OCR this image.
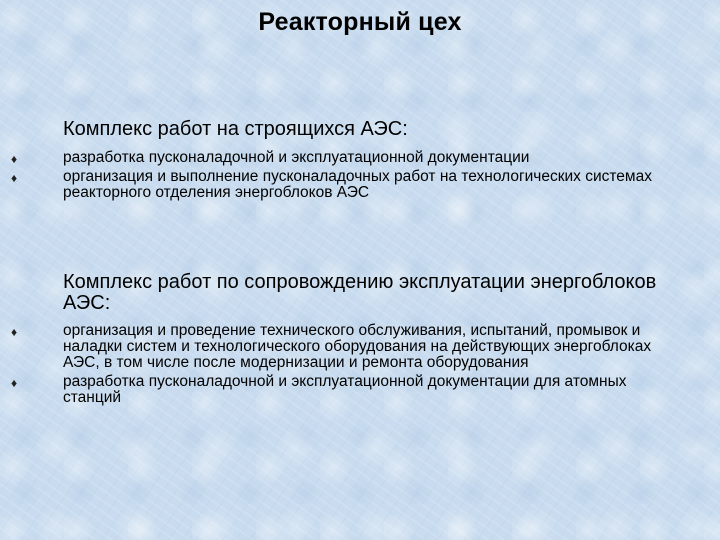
Реакторный цех
Комплекс работ на строящихся АЭС:
♦	разработка пусконаладочной и эксплуатационной документации
♦	организация и выполнение пусконаладочных работ на технологических системах реакторного отделения энергоблоков АЭС
Комплекс работ по сопровождению эксплуатации энергоблоков АЭС:
♦	организация и проведение технического обслуживания, испытаний, промывок и наладки систем и технологического оборудования на действующих энергоблоках АЭС, в том числе после модернизации и ремонта оборудования
♦	разработка пусконаладочной и эксплуатационной документации для атомных станций
